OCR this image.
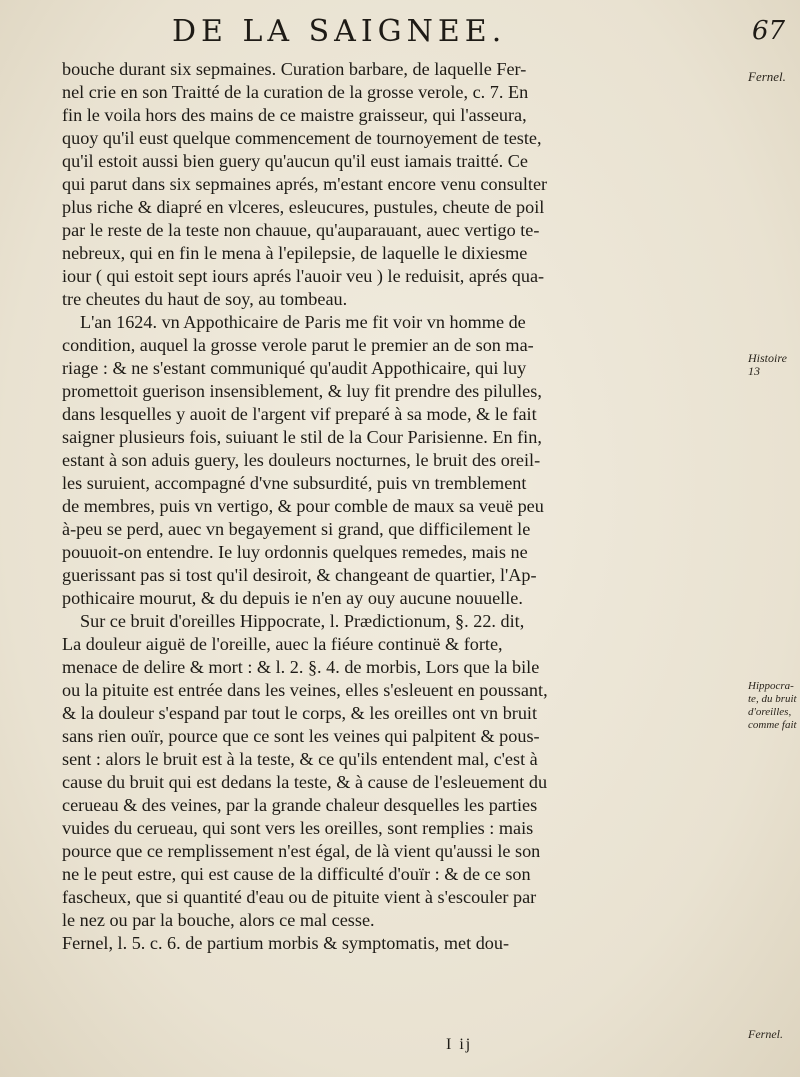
DE LA SAIGNEE.	67
bouche durant six sepmaines. Curation barbare, de laquelle Fer-
nel crie en son Traitté de la curation de la grosse verole, c. 7. En
fin le voila hors des mains de ce maistre graisseur, qui l'asseura,
quoy qu'il eust quelque commencement de tournoyement de teste,
qu'il estoit aussi bien guery qu'aucun qu'il eust iamais traitté. Ce
qui parut dans six sepmaines aprés, m'estant encore venu consulter
plus riche & diapré en vlceres, esleucures, pustules, cheute de poil
par le reste de la teste non chauue, qu'auparauant, auec vertigo te-
nebreux, qui en fin le mena à l'epilepsie, de laquelle le dixiesme
iour ( qui estoit sept iours aprés l'auoir veu ) le reduisit, aprés qua-
tre cheutes du haut de soy, au tombeau.
L'an 1624. vn Appothicaire de Paris me fit voir vn homme de
condition, auquel la grosse verole parut le premier an de son ma-
riage : & ne s'estant communiqué qu'audit Appothicaire, qui luy
promettoit guerison insensiblement, & luy fit prendre des pilulles,
dans lesquelles y auoit de l'argent vif preparé à sa mode, & le fait
saigner plusieurs fois, suiuant le stil de la Cour Parisienne. En fin,
estant à son aduis guery, les douleurs nocturnes, le bruit des oreil-
les suruient, accompagné d'vne subsurdité, puis vn tremblement
de membres, puis vn vertigo, & pour comble de maux sa veuë peu
à-peu se perd, auec vn begayement si grand, que difficilement le
pouuoit-on entendre. Ie luy ordonnis quelques remedes, mais ne
guerissant pas si tost qu'il desiroit, & changeant de quartier, l'Ap-
pothicaire mourut, & du depuis ie n'en ay ouy aucune nouuelle.
Sur ce bruit d'oreilles Hippocrate, l. Prædictionum, §. 22. dit,
La douleur aiguë de l'oreille, auec la fiéure continuë & forte,
menace de delire & mort : & l. 2. §. 4. de morbis, Lors que la bile
ou la pituite est entrée dans les veines, elles s'esleuent en poussant,
& la douleur s'espand par tout le corps, & les oreilles ont vn bruit
sans rien ouïr, pource que ce sont les veines qui palpitent & pous-
sent : alors le bruit est à la teste, & ce qu'ils entendent mal, c'est à
cause du bruit qui est dedans la teste, & à cause de l'esleuement du
cerueau & des veines, par la grande chaleur desquelles les parties
vuides du cerueau, qui sont vers les oreilles, sont remplies : mais
pource que ce remplissement n'est égal, de là vient qu'aussi le son
ne le peut estre, qui est cause de la difficulté d'ouïr : & de ce son
fascheux, que si quantité d'eau ou de pituite vient à s'escouler par
le nez ou par la bouche, alors ce mal cesse.
Fernel, l. 5. c. 6. de partium morbis & symptomatis, met dou-
Fernel.
Histoire 13
Hippocra-te, du bruit d'oreilles, comme fait
Fernel.
I ij
